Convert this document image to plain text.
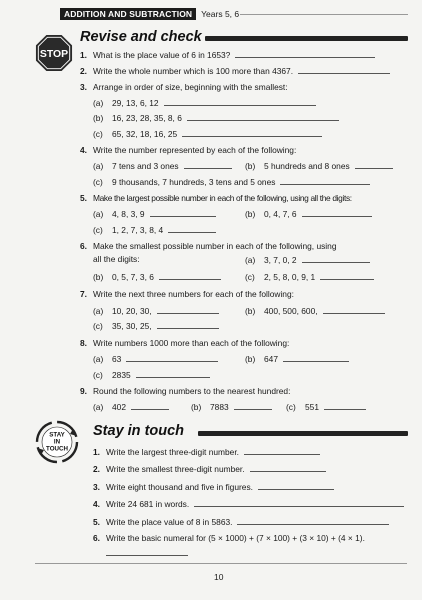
ADDITION AND SUBTRACTION	Years 5, 6
STOP
Revise and check
1. What is the place value of 6 in 1653?
2. Write the whole number which is 100 more than 4367.
3. Arrange in order of size, beginning with the smallest:
(a) 29, 13, 6, 12
(b) 16, 23, 28, 35, 8, 6
(c) 65, 32, 18, 16, 25
4. Write the number represented by each of the following:
(a) 7 tens and 3 ones	(b) 5 hundreds and 8 ones
(c) 9 thousands, 7 hundreds, 3 tens and 5 ones
5. Make the largest possible number in each of the following, using all the digits:
(a) 4, 8, 3, 9	(b) 0, 4, 7, 6
(c) 1, 2, 7, 3, 8, 4
6. Make the smallest possible number in each of the following, using
all the digits:	(a) 3, 7, 0, 2
(b) 0, 5, 7, 3, 6	(c) 2, 5, 8, 0, 9, 1
7. Write the next three numbers for each of the following:
(a) 10, 20, 30,	(b) 400, 500, 600,
(c) 35, 30, 25,
8. Write numbers 1000 more than each of the following:
(a) 63	(b) 647
(c) 2835
9. Round the following numbers to the nearest hundred:
(a) 402	(b) 7883	(c) 551
STAY
IN
TOUCH
Stay in touch
1. Write the largest three-digit number.
2. Write the smallest three-digit number.
3. Write eight thousand and five in figures.
4. Write 24 681 in words.
5. Write the place value of 8 in 5863.
6. Write the basic numeral for (5 × 1000) + (7 × 100) + (3 × 10) + (4 × 1).
10
